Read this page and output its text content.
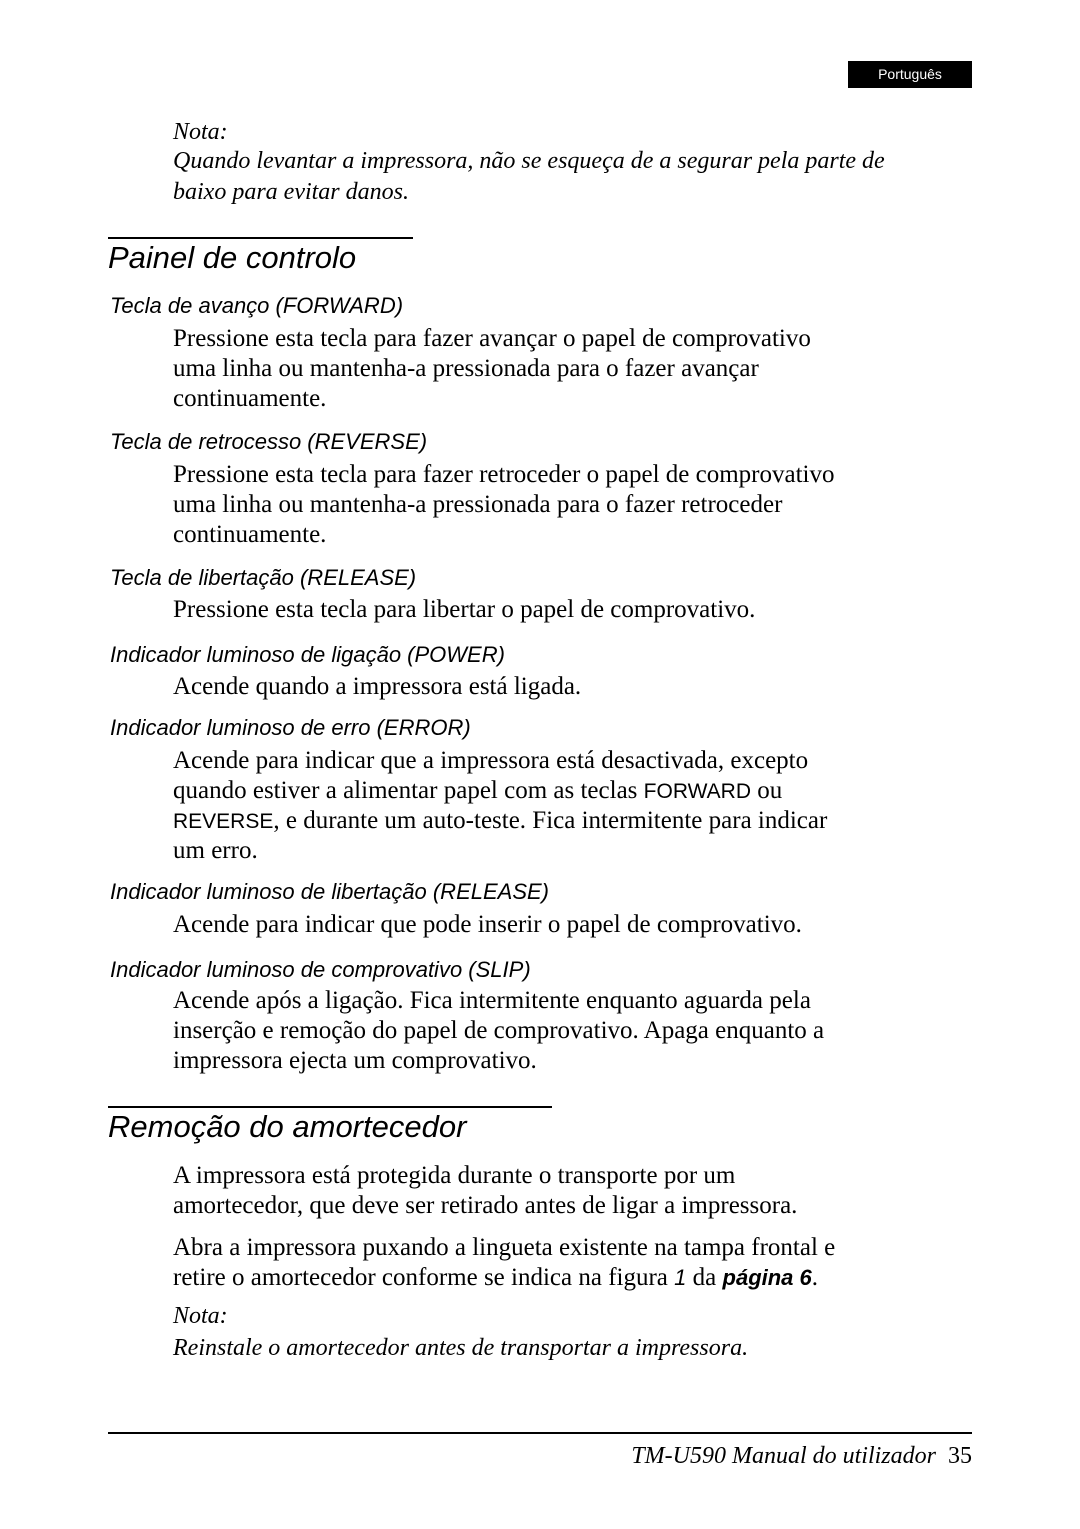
Português
Nota:
Quando levantar a impressora, não se esqueça de a segurar pela parte de
baixo para evitar danos.
Painel de controlo
Tecla de avanço (FORWARD)
Pressione esta tecla para fazer avançar o papel de comprovativo
uma linha ou mantenha-a pressionada para o fazer avançar
continuamente.
Tecla de retrocesso (REVERSE)
Pressione esta tecla para fazer retroceder o papel de comprovativo
uma linha ou mantenha-a pressionada para o fazer retroceder
continuamente.
Tecla de libertação (RELEASE)
Pressione esta tecla para libertar o papel de comprovativo.
Indicador luminoso de ligação (POWER)
Acende quando a impressora está ligada.
Indicador luminoso de erro (ERROR)
Acende para indicar que a impressora está desactivada, excepto
quando estiver a alimentar papel com as teclas FORWARD ou
REVERSE, e durante um auto-teste. Fica intermitente para indicar
um erro.
Indicador luminoso de libertação (RELEASE)
Acende para indicar que pode inserir o papel de comprovativo.
Indicador luminoso de comprovativo (SLIP)
Acende após a ligação. Fica intermitente enquanto aguarda pela
inserção e remoção do papel de comprovativo. Apaga enquanto a
impressora ejecta um comprovativo.
Remoção do amortecedor
A impressora está protegida durante o transporte por um
amortecedor, que deve ser retirado antes de ligar a impressora.
Abra a impressora puxando a lingueta existente na tampa frontal e
retire o amortecedor conforme se indica na figura 1 da página 6.
Nota:
Reinstale o amortecedor antes de transportar a impressora.
TM-U590 Manual do utilizador 35
